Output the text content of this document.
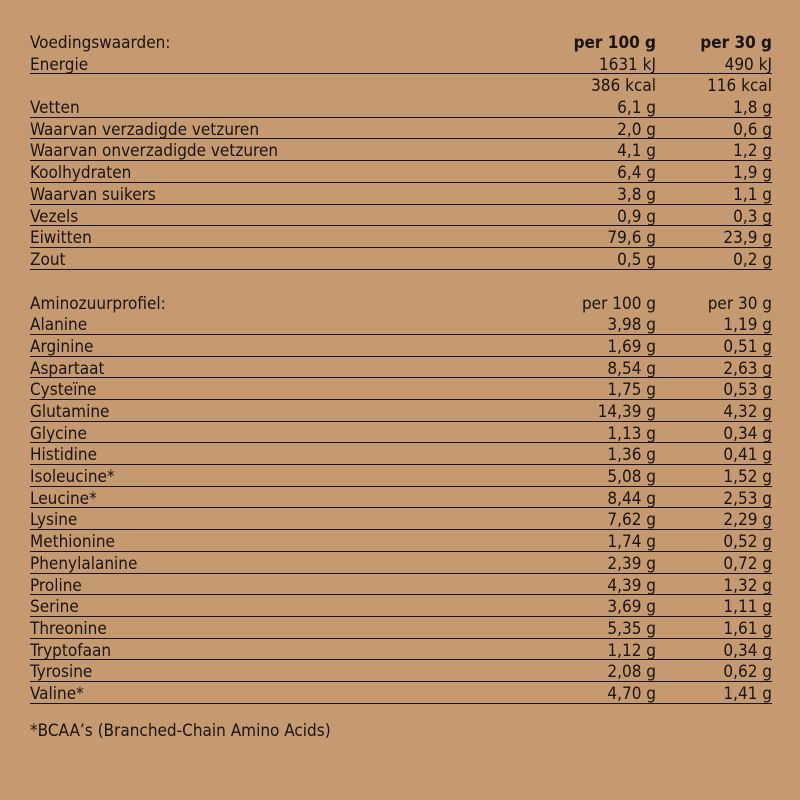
Voedingswaarden:	per 100 g	per 30 g
Energie	1631 kJ	490 kJ
386 kcal	116 kcal
Vetten	6,1 g	1,8 g
Waarvan verzadigde vetzuren	2,0 g	0,6 g
Waarvan onverzadigde vetzuren	4,1 g	1,2 g
Koolhydraten	6,4 g	1,9 g
Waarvan suikers	3,8 g	1,1 g
Vezels	0,9 g	0,3 g
Eiwitten	79,6 g	23,9 g
Zout	0,5 g	0,2 g
Aminozuurprofiel:	per 100 g	per 30 g
Alanine	3,98 g	1,19 g
Arginine	1,69 g	0,51 g
Aspartaat	8,54 g	2,63 g
Cysteïne	1,75 g	0,53 g
Glutamine	14,39 g	4,32 g
Glycine	1,13 g	0,34 g
Histidine	1,36 g	0,41 g
Isoleucine*	5,08 g	1,52 g
Leucine*	8,44 g	2,53 g
Lysine	7,62 g	2,29 g
Methionine	1,74 g	0,52 g
Phenylalanine	2,39 g	0,72 g
Proline	4,39 g	1,32 g
Serine	3,69 g	1,11 g
Threonine	5,35 g	1,61 g
Tryptofaan	1,12 g	0,34 g
Tyrosine	2,08 g	0,62 g
Valine*	4,70 g	1,41 g
*BCAA’s (Branched-Chain Amino Acids)
